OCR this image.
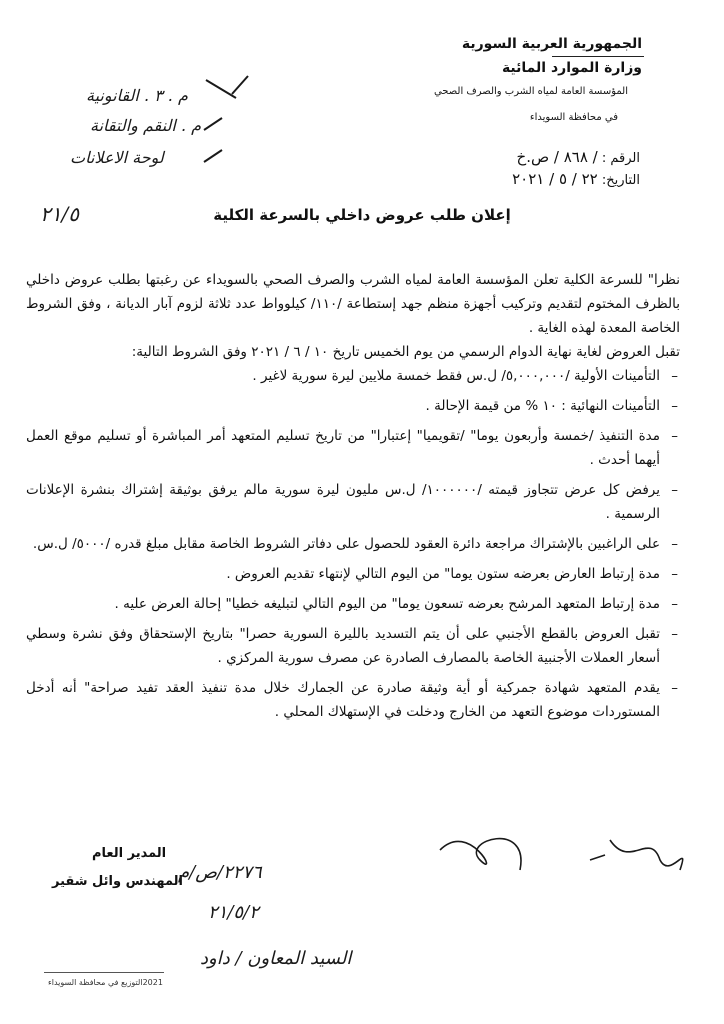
الجمهورية العربية السورية
وزارة الموارد المائية
المؤسسة العامة لمياه الشرب والصرف الصحي
في محافظة السويداء
الرقم : / ٨٦٨ / ص.خ
التاريخ: ٢٢ / ٥ / ٢٠٢١
م . ٣ . القانونية
م . النقم والتقانة
لوحة الاعلانات
٢١/٥	إعلان طلب عروض داخلي بالسرعة الكلية

نظرا" للسرعة الكلية تعلن المؤسسة العامة لمياه الشرب والصرف الصحي بالسويداء عن رغبتها بطلب عروض داخلي بالظرف المختوم لتقديم وتركيب أجهزة منظم جهد إستطاعة /١١٠/ كيلوواط عدد ثلاثة لزوم آبار الديانة ، وفق الشروط الخاصة المعدة لهذه الغاية .

تقبل العروض لغاية نهاية الدوام الرسمي من يوم الخميس تاريخ ١٠ / ٦ / ٢٠٢١ وفق الشروط التالية:

– التأمينات الأولية /٥,٠٠٠,٠٠٠/ ل.س فقط خمسة ملايين ليرة سورية لاغير .
– التأمينات النهائية : ١٠ % من قيمة الإحالة .
– مدة التنفيذ /خمسة وأربعون يوما" /تقويميا" إعتبارا" من تاريخ تسليم المتعهد أمر المباشرة أو تسليم موقع العمل أيهما أحدث .
– يرفض كل عرض تتجاوز قيمته /١٠٠٠٠٠٠/ ل.س مليون ليرة سورية مالم يرفق بوثيقة إشتراك بنشرة الإعلانات الرسمية .
– على الراغبين بالإشتراك مراجعة دائرة العقود للحصول على دفاتر الشروط الخاصة مقابل مبلغ قدره /٥٠٠٠/ ل.س.
– مدة إرتباط العارض بعرضه ستون يوما" من اليوم التالي لإنتهاء تقديم العروض .
– مدة إرتباط المتعهد المرشح بعرضه تسعون يوما" من اليوم التالي لتبليغه خطيا" إحالة العرض عليه .
– تقبل العروض بالقطع الأجنبي على أن يتم التسديد بالليرة السورية حصرا" بتاريخ الإستحقاق وفق نشرة وسطي أسعار العملات الأجنبية الخاصة بالمصارف الصادرة عن مصرف سورية المركزي .
– يقدم المتعهد شهادة جمركية أو أية وثيقة صادرة عن الجمارك خلال مدة تنفيذ العقد تفيد صراحة" أنه أدخل المستوردات موضوع التعهد من الخارج ودخلت في الإستهلاك المحلي .
المدير العام
المهندس وائل شقير
٢٢٧٦/ص/م
٢١/٥/٢
السيد المعاون / داود
2021التوزيع في محافظة السويداء
